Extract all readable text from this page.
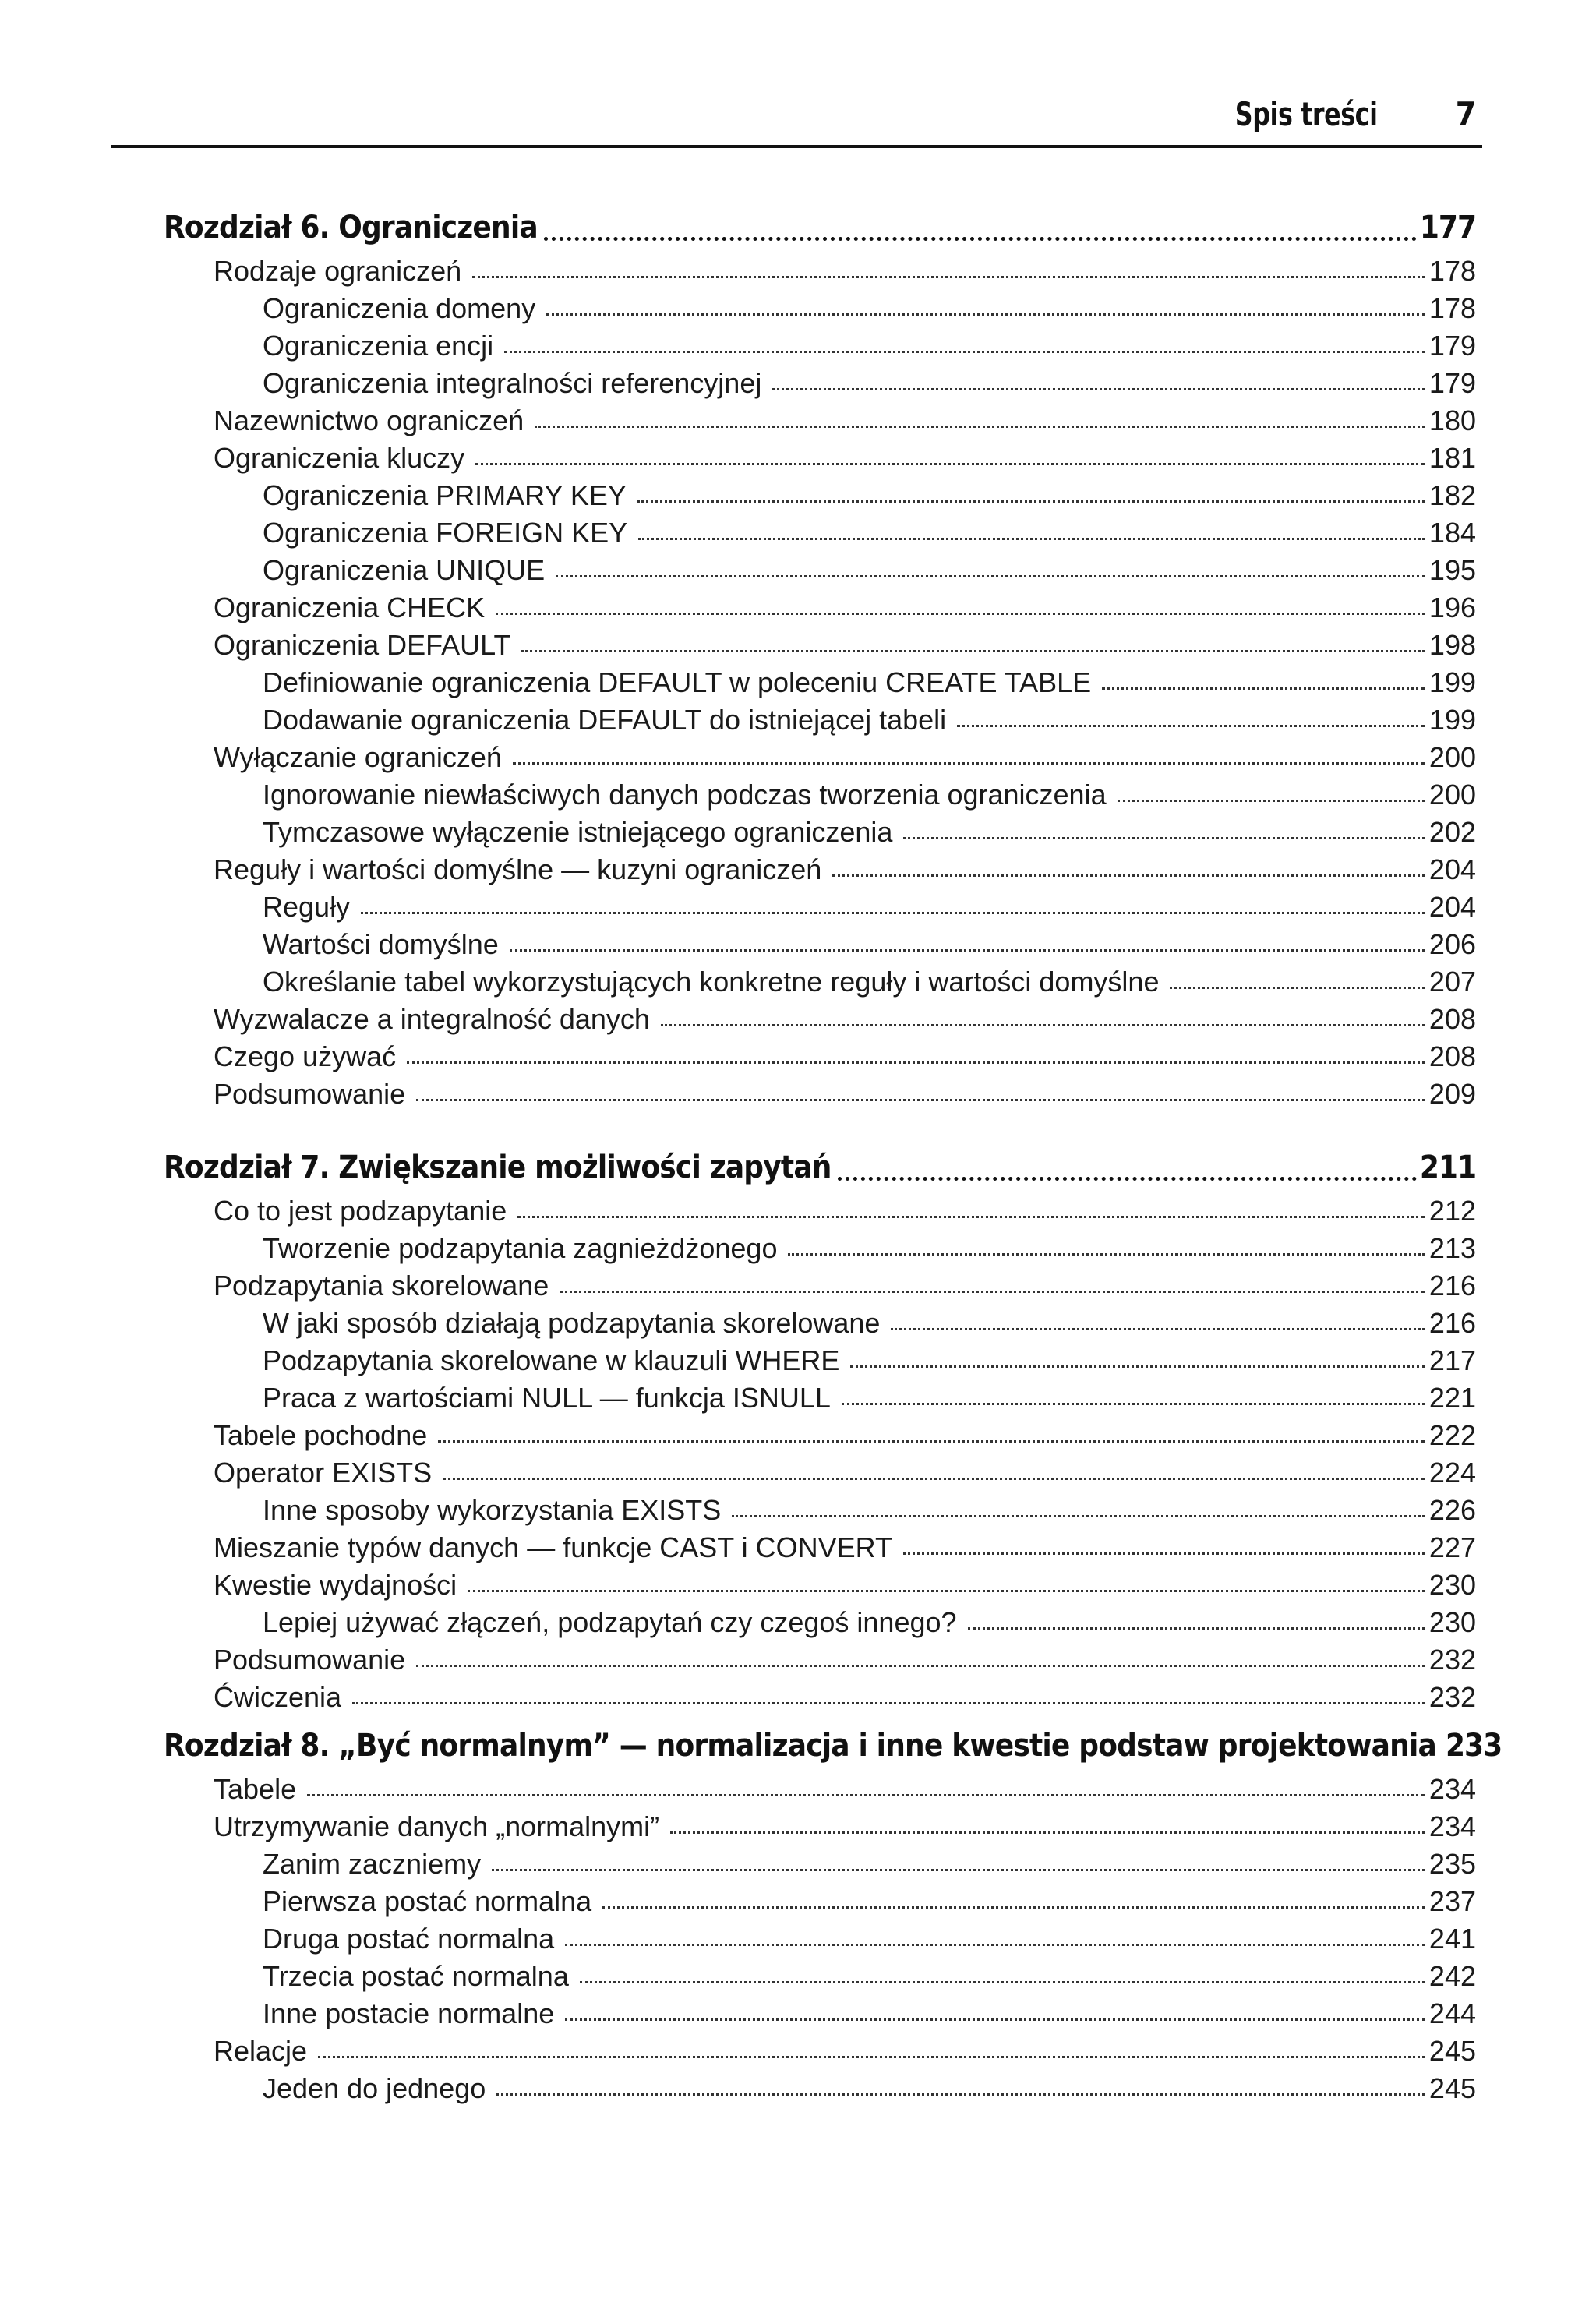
Spis treści 7
Rozdział 6. Ograniczenia	177
Rodzaje ograniczeń	178
Ograniczenia domeny	178
Ograniczenia encji	179
Ograniczenia integralności referencyjnej	179
Nazewnictwo ograniczeń	180
Ograniczenia kluczy	181
Ograniczenia PRIMARY KEY	182
Ograniczenia FOREIGN KEY	184
Ograniczenia UNIQUE	195
Ograniczenia CHECK	196
Ograniczenia DEFAULT	198
Definiowanie ograniczenia DEFAULT w poleceniu CREATE TABLE	199
Dodawanie ograniczenia DEFAULT do istniejącej tabeli	199
Wyłączanie ograniczeń	200
Ignorowanie niewłaściwych danych podczas tworzenia ograniczenia	200
Tymczasowe wyłączenie istniejącego ograniczenia	202
Reguły i wartości domyślne — kuzyni ograniczeń	204
Reguły	204
Wartości domyślne	206
Określanie tabel wykorzystujących konkretne reguły i wartości domyślne	207
Wyzwalacze a integralność danych	208
Czego używać	208
Podsumowanie	209
Rozdział 7. Zwiększanie możliwości zapytań	211
Co to jest podzapytanie	212
Tworzenie podzapytania zagnieżdżonego	213
Podzapytania skorelowane	216
W jaki sposób działają podzapytania skorelowane	216
Podzapytania skorelowane w klauzuli WHERE	217
Praca z wartościami NULL — funkcja ISNULL	221
Tabele pochodne	222
Operator EXISTS	224
Inne sposoby wykorzystania EXISTS	226
Mieszanie typów danych — funkcje CAST i CONVERT	227
Kwestie wydajności	230
Lepiej używać złączeń, podzapytań czy czegoś innego?	230
Podsumowanie	232
Ćwiczenia	232
Rozdział 8. „Być normalnym” — normalizacja i inne kwestie podstaw projektowania 233
Tabele	234
Utrzymywanie danych „normalnymi”	234
Zanim zaczniemy	235
Pierwsza postać normalna	237
Druga postać normalna	241
Trzecia postać normalna	242
Inne postacie normalne	244
Relacje	245
Jeden do jednego	245
